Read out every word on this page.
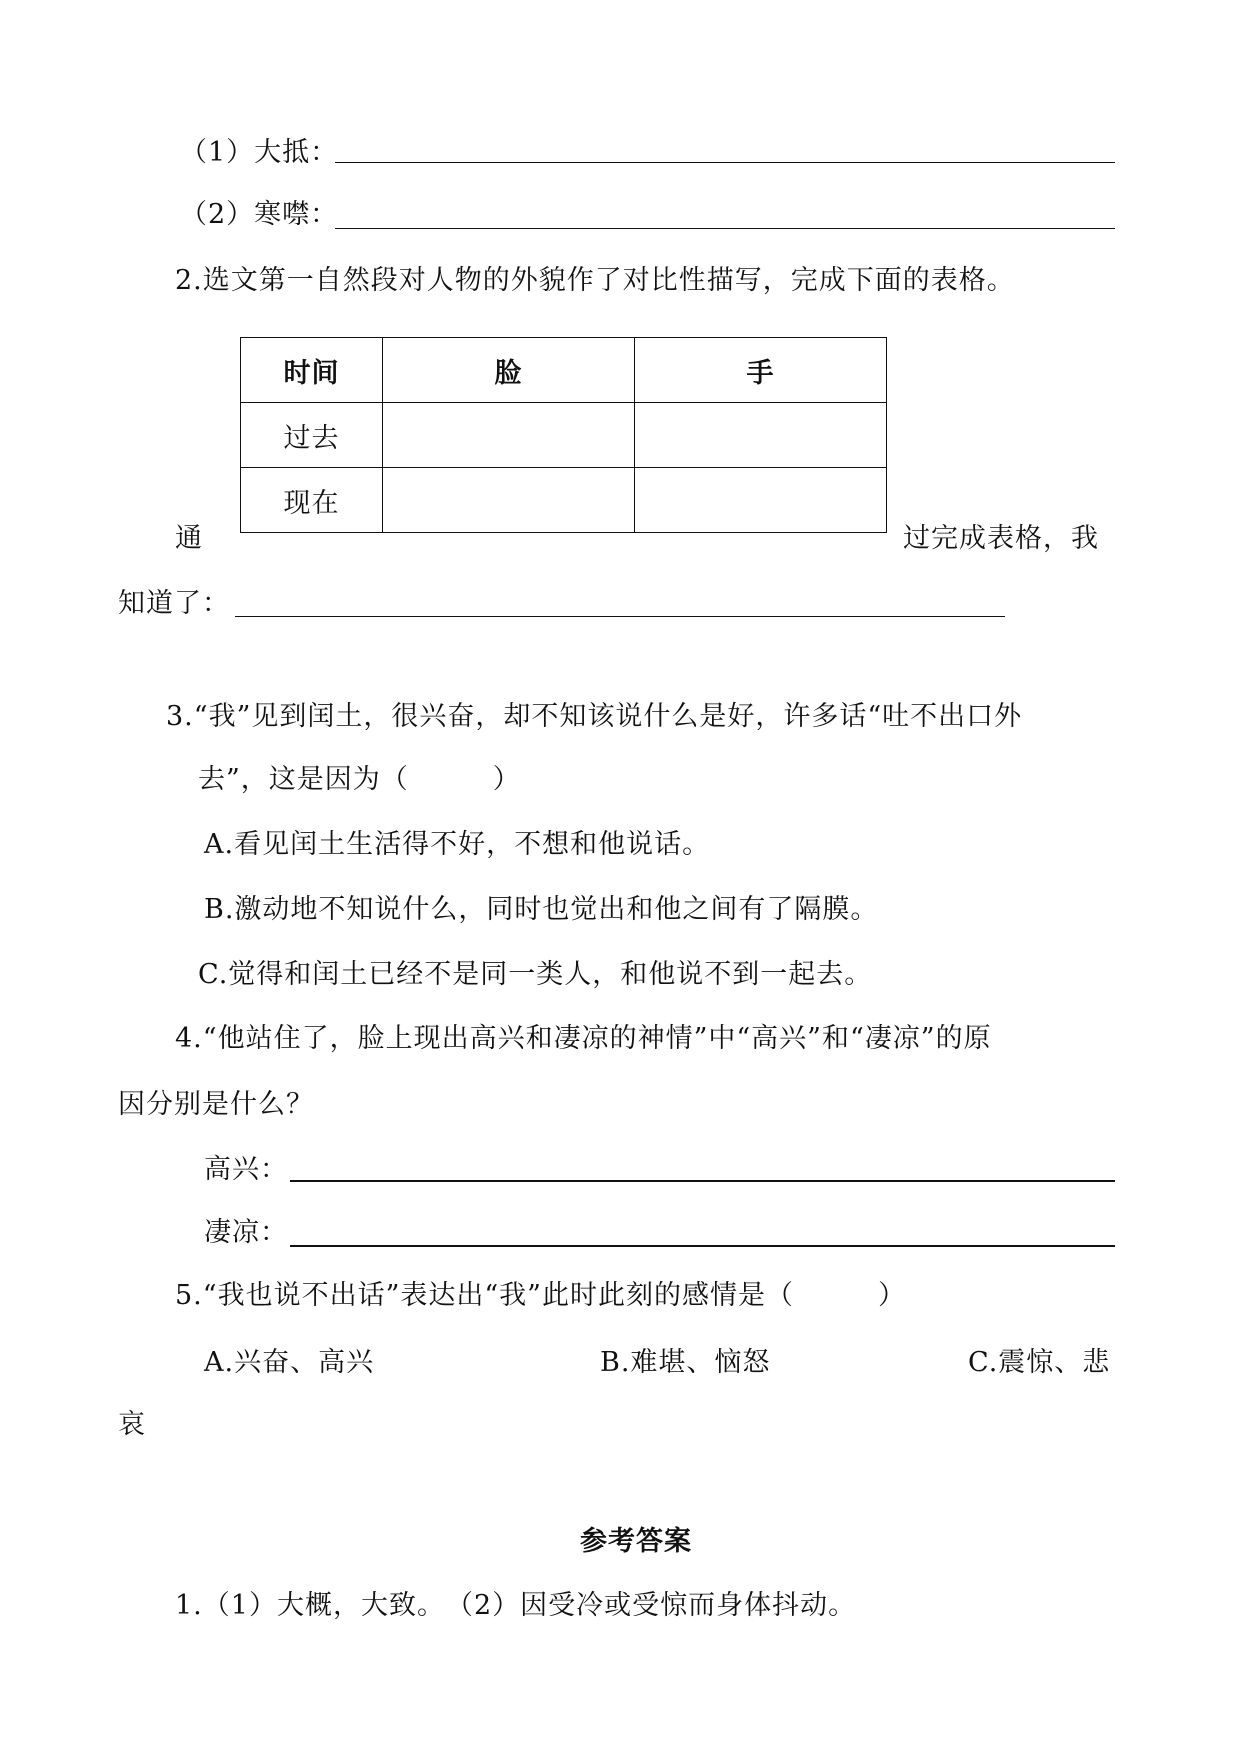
（1）大抵：
（2）寒噤：
2.选文第一自然段对人物的外貌作了对比性描写，完成下面的表格。
时间	脸	手
过去		
现在		
通	过完成表格，我
知道了：
3.“我”见到闰土，很兴奋，却不知该说什么是好，许多话“吐不出口外
去”，这是因为（　　　）
A.看见闰土生活得不好，不想和他说话。
B.激动地不知说什么，同时也觉出和他之间有了隔膜。
C.觉得和闰土已经不是同一类人，和他说不到一起去。
4.“他站住了，脸上现出高兴和凄凉的神情”中“高兴”和“凄凉”的原
因分别是什么？
高兴：
凄凉：
5.“我也说不出话”表达出“我”此时此刻的感情是（　　　）
A.兴奋、高兴	B.难堪、恼怒	C.震惊、悲
哀
参考答案
1.（1）大概，大致。　（2）因受冷或受惊而身体抖动。
